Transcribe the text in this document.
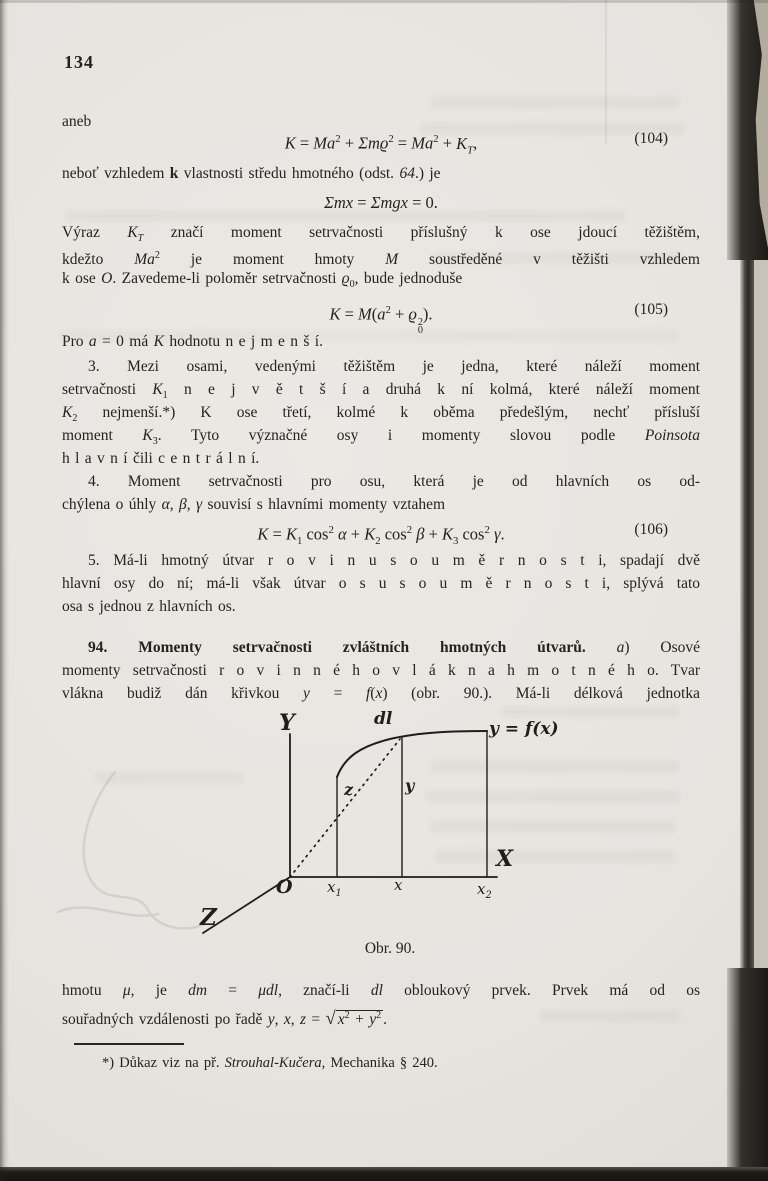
134
aneb
$K = Ma^2 + \Sigma mϱ^2 = Ma^2 + K_T$,	(104)
neboť vzhledem k vlastnosti středu hmotného (odst. 64.) je
Σmx = Σmgx = 0.
Výraz $K_T$ značí moment setrvačnosti příslušný k ose jdoucí těžištěm,
kdežto Ma$^2$ je moment hmoty M soustředěné v těžišti vzhledem
k ose O. Zavedeme-li poloměr setrvačnosti $ϱ_0$, bude jednoduše
$K = M(a^2 + ϱ$ 2
0
).	(105)
Pro a = 0 má K hodnotu n e j m e n š í.
3. Mezi osami, vedenými těžištěm je jedna, které náleží moment
setrvačnosti $K_1$ n e j v ě t š í a druhá k ní kolmá, které náleží moment
$K_2$ nejmenší.*) K ose třetí, kolmé k oběma předešlým, nechť přísluší
moment $K_3$. Tyto význačné osy i momenty slovou podle Poinsota
h l a v n í čili c e n t r á l n í.
4. Moment setrvačnosti pro osu, která je od hlavních os od-
chýlena o úhly α, β, γ souvisí s hlavními momenty vztahem
$K = K_1$ $\cos^2 \alpha + K_2$ $\cos^2 \beta + K_3$ $\cos^2 \gamma$.	(106)
5. Má-li hmotný útvar r o v i n u s o u m ě r n o s t i, spadají dvě
hlavní osy do ní; má-li však útvar o s u s o u m ě r n o s t i, splývá tato
osa s jednou z hlavních os.
94. Momenty setrvačnosti zvláštních hmotných útvarů. a) Osové
momenty setrvačnosti r o v i n n é h o v l á k n a h m o t n é h o. Tvar
vlákna budiž dán křivkou y = f(x) (obr. 90.). Má-li délková jednotka
Y	dl	y = f(x)
z	y
X
O $x_1$	x	$x_2$
Z
Obr. 90.
hmotu μ, je dm = μdl, značí-li dl obloukový prvek. Prvek má od os
souřadných vzdálenosti po řadě y, x, z = √ $x^2 + y^2$ .
*) Důkaz viz na př. Strouhal-Kučera, Mechanika § 240.
